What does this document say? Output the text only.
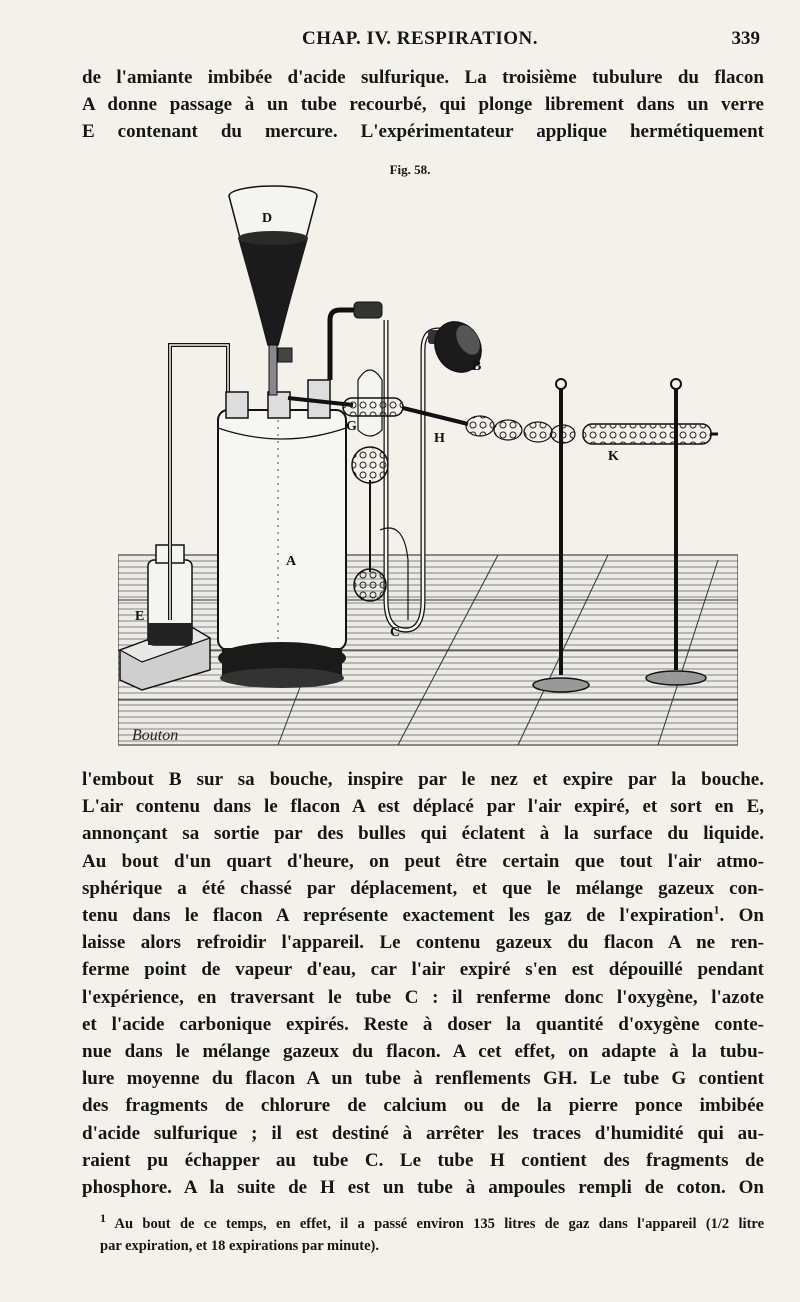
CHAP. IV. RESPIRATION.	339
de l'amiante imbibée d'acide sulfurique. La troisième tubulure du flacon
A donne passage à un tube recourbé, qui plonge librement dans un verre
E contenant du mercure. L'expérimentateur applique hermétiquement
Fig. 58.
D
A
E
B
G
H
C
K
Bouton
l'embout B sur sa bouche, inspire par le nez et expire par la bouche.
L'air contenu dans le flacon A est déplacé par l'air expiré, et sort en E,
annonçant sa sortie par des bulles qui éclatent à la surface du liquide.
Au bout d'un quart d'heure, on peut être certain que tout l'air atmo-
sphérique a été chassé par déplacement, et que le mélange gazeux con-
tenu dans le flacon A représente exactement les gaz de l'expiration$^1$. On
laisse alors refroidir l'appareil. Le contenu gazeux du flacon A ne ren-
ferme point de vapeur d'eau, car l'air expiré s'en est dépouillé pendant
l'expérience, en traversant le tube C : il renferme donc l'oxygène, l'azote
et l'acide carbonique expirés. Reste à doser la quantité d'oxygène conte-
nue dans le mélange gazeux du flacon. A cet effet, on adapte à la tubu-
lure moyenne du flacon A un tube à renflements GH. Le tube G contient
des fragments de chlorure de calcium ou de la pierre ponce imbibée
d'acide sulfurique ; il est destiné à arrêter les traces d'humidité qui au-
raient pu échapper au tube C. Le tube H contient des fragments de
phosphore. A la suite de H est un tube à ampoules rempli de coton. On
$^1$ Au bout de ce temps, en effet, il a passé environ 135 litres de gaz dans l'appareil (1/2 litre
par expiration, et 18 expirations par minute).
